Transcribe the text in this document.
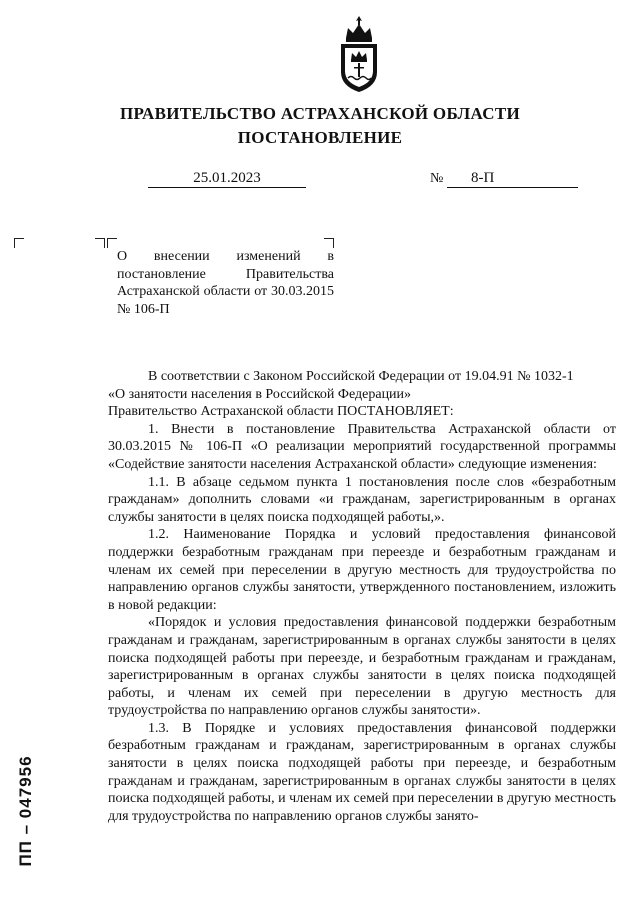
ПРАВИТЕЛЬСТВО АСТРАХАНСКОЙ ОБЛАСТИ
ПОСТАНОВЛЕНИЕ
25.01.2023	№	8-П
О внесении изменений в постановление Правительства Астраханской области от 30.03.2015 № 106-П

В соответствии с Законом Российской Федерации от 19.04.91 № 1032-1

«О занятости населения в Российской Федерации»

Правительство Астраханской области ПОСТАНОВЛЯЕТ:

1. Внести в постановление Правительства Астраханской области от 30.03.2015 № 106-П «О реализации мероприятий государственной программы «Содействие занятости населения Астраханской области» следующие изменения:

1.1. В абзаце седьмом пункта 1 постановления после слов «безработным гражданам» дополнить словами «и гражданам, зарегистрированным в органах службы занятости в целях поиска подходящей работы,».

1.2. Наименование Порядка и условий предоставления финансовой поддержки безработным гражданам при переезде и безработным гражданам и членам их семей при переселении в другую местность для трудоустройства по направлению органов службы занятости, утвержденного постановлением, изложить в новой редакции:

«Порядок и условия предоставления финансовой поддержки безработным гражданам и гражданам, зарегистрированным в органах службы занятости в целях поиска подходящей работы при переезде, и безработным гражданам и гражданам, зарегистрированным в органах службы занятости в целях поиска подходящей работы, и членам их семей при переселении в другую местность для трудоустройства по направлению органов службы занятости».

1.3. В Порядке и условиях предоставления финансовой поддержки безработным гражданам и гражданам, зарегистрированным в органах службы занятости в целях поиска подходящей работы при переезде, и безработным гражданам и гражданам, зарегистрированным в органах службы занятости в целях поиска подходящей работы, и членам их семей при переселении в другую местность для трудоустройства по направлению органов службы занято-

ПП – 047956
